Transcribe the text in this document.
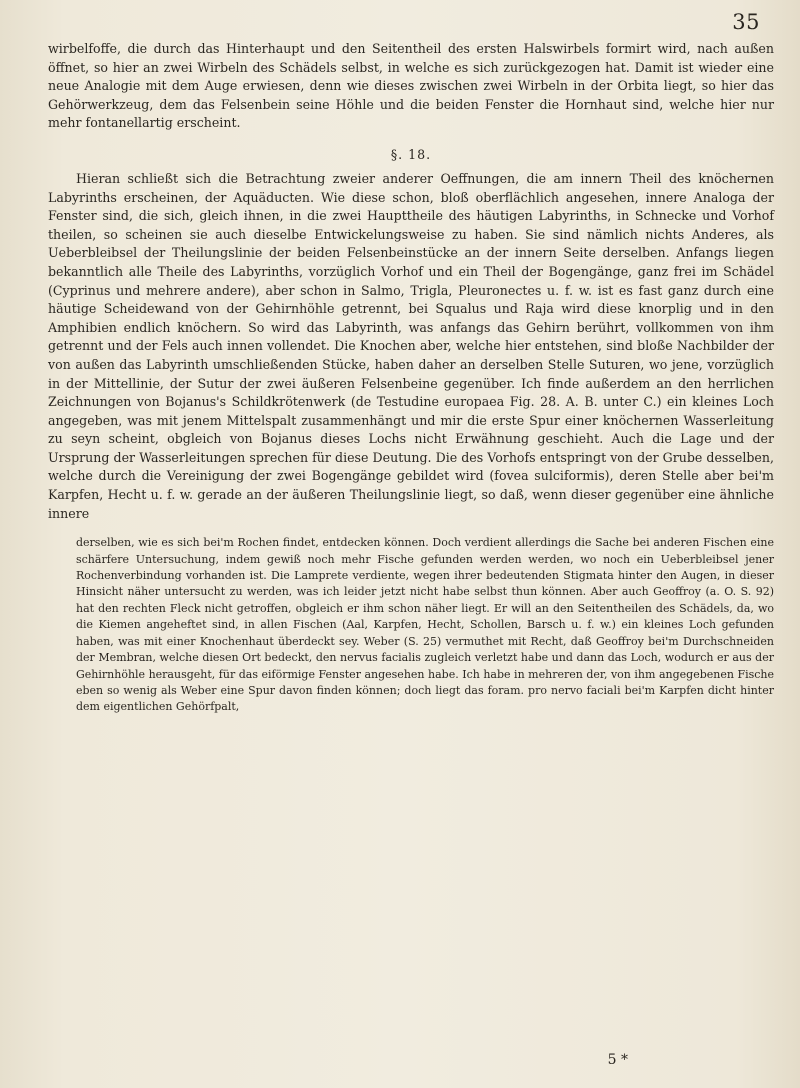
35

wirbelfoffe, die durch das Hinterhaupt und den Seitentheil des ersten Halswirbels formirt wird, nach außen öffnet, so hier an zwei Wirbeln des Schädels selbst, in welche es sich zurückgezogen hat. Damit ist wieder eine neue Analogie mit dem Auge erwiesen, denn wie dieses zwischen zwei Wirbeln in der Orbita liegt, so hier das Gehörwerkzeug, dem das Felsenbein seine Höhle und die beiden Fenster die Hornhaut sind, welche hier nur mehr fontanellartig erscheint.

§. 18.

Hieran schließt sich die Betrachtung zweier anderer Oeffnungen, die am innern Theil des knöchernen Labyrinths erscheinen, der Aquäducten. Wie diese schon, bloß oberflächlich angesehen, innere Analoga der Fenster sind, die sich, gleich ihnen, in die zwei Haupttheile des häutigen Labyrinths, in Schnecke und Vorhof theilen, so scheinen sie auch dieselbe Entwickelungsweise zu haben. Sie sind nämlich nichts Anderes, als Ueberbleibsel der Theilungslinie der beiden Felsenbeinstücke an der innern Seite derselben. Anfangs liegen bekanntlich alle Theile des Labyrinths, vorzüglich Vorhof und ein Theil der Bogengänge, ganz frei im Schädel (Cyprinus und mehrere andere), aber schon in Salmo, Trigla, Pleuronectes u. f. w. ist es fast ganz durch eine häutige Scheidewand von der Gehirnhöhle getrennt, bei Squalus und Raja wird diese knorplig und in den Amphibien endlich knöchern. So wird das Labyrinth, was anfangs das Gehirn berührt, vollkommen von ihm getrennt und der Fels auch innen vollendet. Die Knochen aber, welche hier entstehen, sind bloße Nachbilder der von außen das Labyrinth umschließenden Stücke, haben daher an derselben Stelle Suturen, wo jene, vorzüglich in der Mittellinie, der Sutur der zwei äußeren Felsenbeine gegenüber. Ich finde außerdem an den herrlichen Zeichnungen von Bojanus's Schildkrötenwerk (de Testudine europaea Fig. 28. A. B. unter C.) ein kleines Loch angegeben, was mit jenem Mittelspalt zusammenhängt und mir die erste Spur einer knöchernen Wasserleitung zu seyn scheint, obgleich von Bojanus dieses Lochs nicht Erwähnung geschieht. Auch die Lage und der Ursprung der Wasserleitungen sprechen für diese Deutung. Die des Vorhofs entspringt von der Grube desselben, welche durch die Vereinigung der zwei Bogengänge gebildet wird (fovea sulciformis), deren Stelle aber bei'm Karpfen, Hecht u. f. w. gerade an der äußeren Theilungslinie liegt, so daß, wenn dieser gegenüber eine ähnliche innere

derselben, wie es sich bei'm Rochen findet, entdecken können. Doch verdient allerdings die Sache bei anderen Fischen eine schärfere Untersuchung, indem gewiß noch mehr Fische gefunden werden werden, wo noch ein Ueberbleibsel jener Rochenverbindung vorhanden ist. Die Lamprete verdiente, wegen ihrer bedeutenden Stigmata hinter den Augen, in dieser Hinsicht näher untersucht zu werden, was ich leider jetzt nicht habe selbst thun können. Aber auch Geoffroy (a. O. S. 92) hat den rechten Fleck nicht getroffen, obgleich er ihm schon näher liegt. Er will an den Seitentheilen des Schädels, da, wo die Kiemen angeheftet sind, in allen Fischen (Aal, Karpfen, Hecht, Schollen, Barsch u. f. w.) ein kleines Loch gefunden haben, was mit einer Knochenhaut überdeckt sey. Weber (S. 25) vermuthet mit Recht, daß Geoffroy bei'm Durchschneiden der Membran, welche diesen Ort bedeckt, den nervus facialis zugleich verletzt habe und dann das Loch, wodurch er aus der Gehirnhöhle herausgeht, für das eiförmige Fenster angesehen habe. Ich habe in mehreren der, von ihm angegebenen Fische eben so wenig als Weber eine Spur davon finden können; doch liegt das foram. pro nervo faciali bei'm Karpfen dicht hinter dem eigentlichen Gehörfpalt,

5 *
